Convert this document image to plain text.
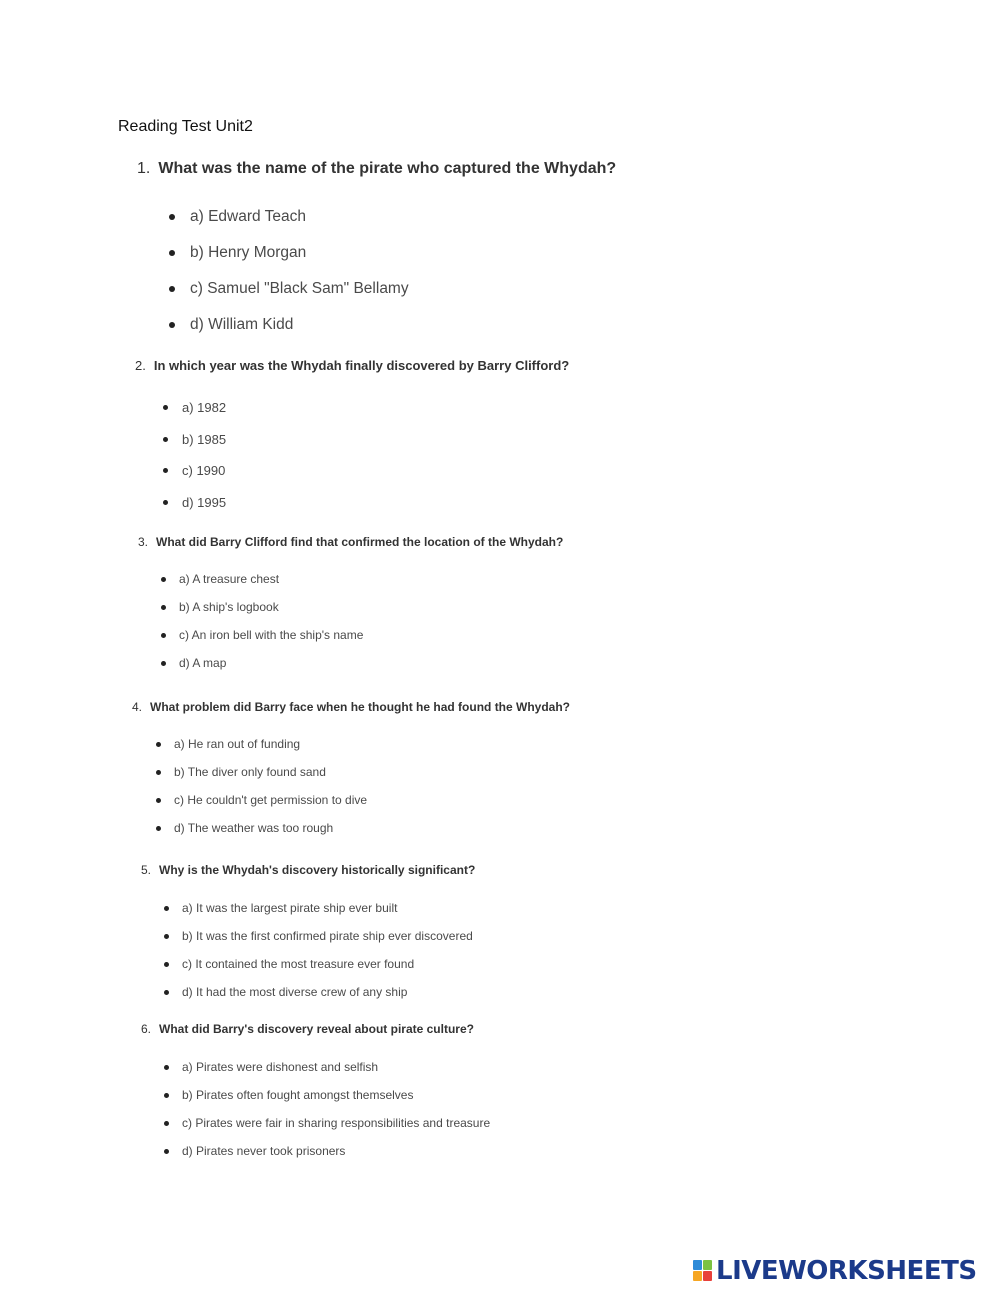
Reading Test Unit2
1. What was the name of the pirate who captured the Whydah?
a) Edward Teach
b) Henry Morgan
c) Samuel "Black Sam" Bellamy
d) William Kidd
2. In which year was the Whydah finally discovered by Barry Clifford?
a) 1982
b) 1985
c) 1990
d) 1995
3. What did Barry Clifford find that confirmed the location of the Whydah?
a) A treasure chest
b) A ship's logbook
c) An iron bell with the ship's name
d) A map
4. What problem did Barry face when he thought he had found the Whydah?
a) He ran out of funding
b) The diver only found sand
c) He couldn't get permission to dive
d) The weather was too rough
5. Why is the Whydah's discovery historically significant?
a) It was the largest pirate ship ever built
b) It was the first confirmed pirate ship ever discovered
c) It contained the most treasure ever found
d) It had the most diverse crew of any ship
6. What did Barry's discovery reveal about pirate culture?
a) Pirates were dishonest and selfish
b) Pirates often fought amongst themselves
c) Pirates were fair in sharing responsibilities and treasure
d) Pirates never took prisoners
LIVEWORKSHEETS
